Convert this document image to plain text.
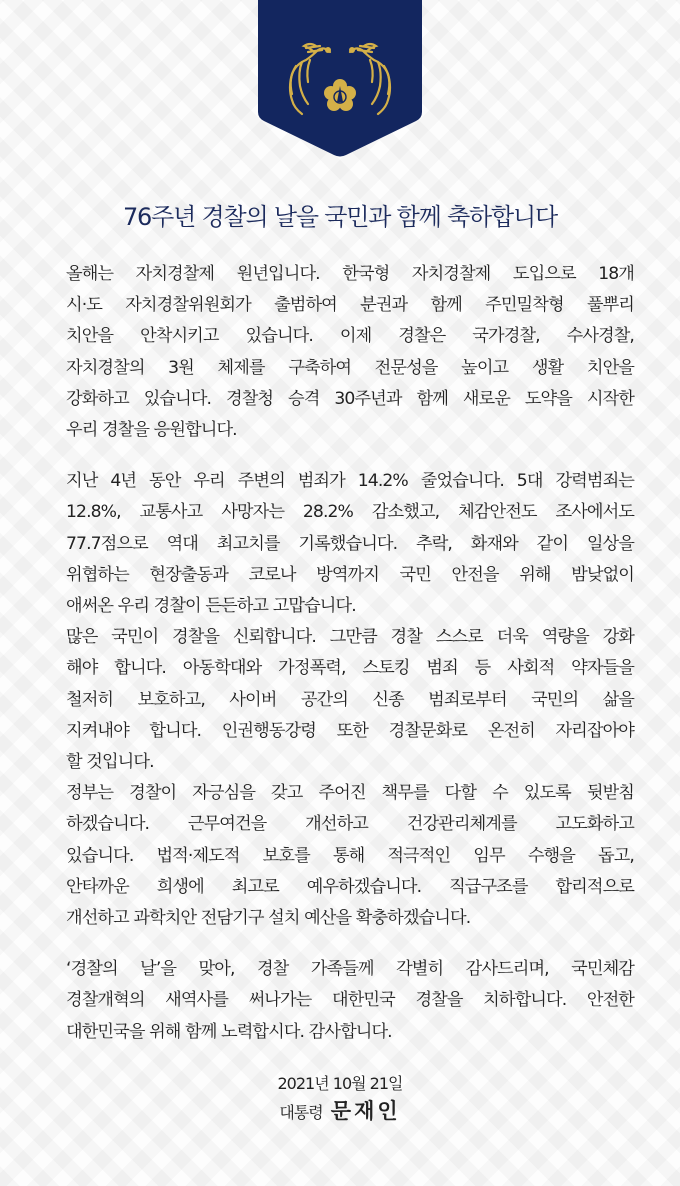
76주년 경찰의 날을 국민과 함께 축하합니다

올해는 자치경찰제 원년입니다. 한국형 자치경찰제 도입으로 18개
시·도 자치경찰위원회가 출범하여 분권과 함께 주민밀착형 풀뿌리
치안을 안착시키고 있습니다. 이제 경찰은 국가경찰, 수사경찰,
자치경찰의 3원 체제를 구축하여 전문성을 높이고 생활 치안을
강화하고 있습니다. 경찰청 승격 30주년과 함께 새로운 도약을 시작한
우리 경찰을 응원합니다.

지난 4년 동안 우리 주변의 범죄가 14.2% 줄었습니다. 5대 강력범죄는
12.8%, 교통사고 사망자는 28.2% 감소했고, 체감안전도 조사에서도
77.7점으로 역대 최고치를 기록했습니다. 추락, 화재와 같이 일상을
위협하는 현장출동과 코로나 방역까지 국민 안전을 위해 밤낮없이
애써온 우리 경찰이 든든하고 고맙습니다.

많은 국민이 경찰을 신뢰합니다. 그만큼 경찰 스스로 더욱 역량을 강화
해야 합니다. 아동학대와 가정폭력, 스토킹 범죄 등 사회적 약자들을
철저히 보호하고, 사이버 공간의 신종 범죄로부터 국민의 삶을
지켜내야 합니다. 인권행동강령 또한 경찰문화로 온전히 자리잡아야
할 것입니다.

정부는 경찰이 자긍심을 갖고 주어진 책무를 다할 수 있도록 뒷받침
하겠습니다. 근무여건을 개선하고 건강관리체계를 고도화하고
있습니다. 법적·제도적 보호를 통해 적극적인 임무 수행을 돕고,
안타까운 희생에 최고로 예우하겠습니다. 직급구조를 합리적으로
개선하고 과학치안 전담기구 설치 예산을 확충하겠습니다.

‘경찰의 날’을 맞아, 경찰 가족들께 각별히 감사드리며, 국민체감
경찰개혁의 새역사를 써나가는 대한민국 경찰을 치하합니다. 안전한
대한민국을 위해 함께 노력합시다. 감사합니다.

2021년 10월 21일
대통령 문재인
